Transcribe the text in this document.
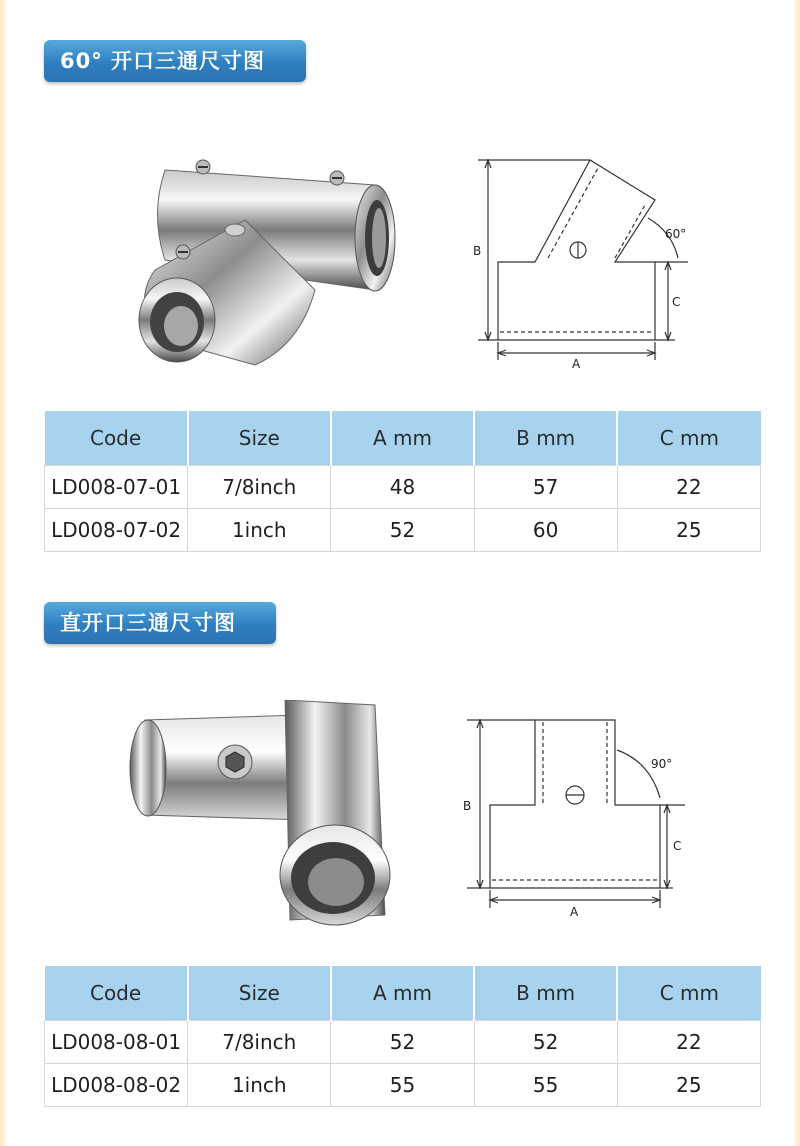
60° 开口三通尺寸图
B
C
A
60°
Code	Size	A mm	B mm	C mm
LD008-07-01	7/8inch	48	57	22
LD008-07-02	1inch	52	60	25
直开口三通尺寸图
B
C
A
90°
Code	Size	A mm	B mm	C mm
LD008-08-01	7/8inch	52	52	22
LD008-08-02	1inch	55	55	25
